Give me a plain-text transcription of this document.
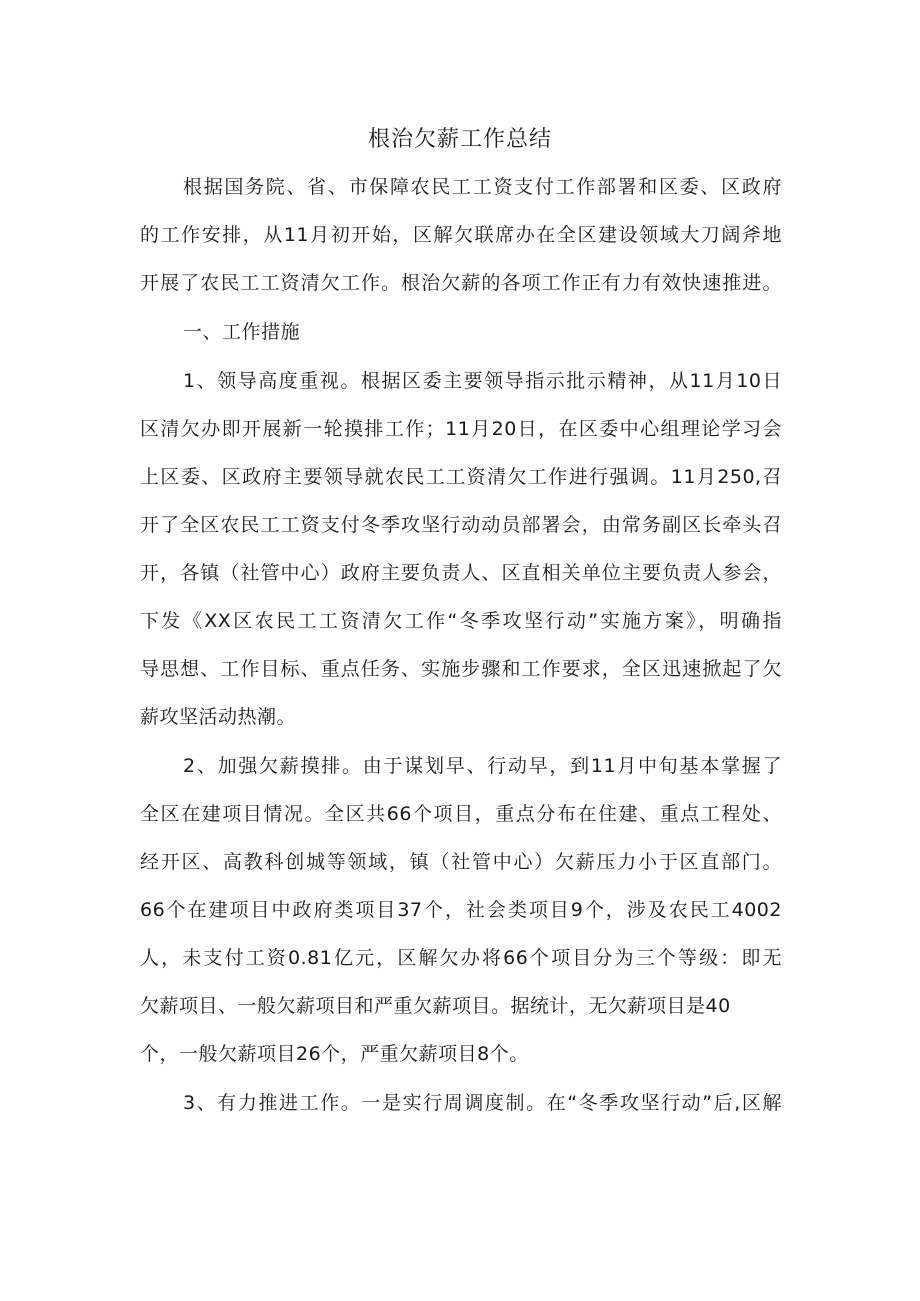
根治欠薪工作总结
根据国务院、省、市保障农民工工资支付工作部署和区委、区政府
的工作安排，从11月初开始，区解欠联席办在全区建设领域大刀阔斧地
开展了农民工工资清欠工作。根治欠薪的各项工作正有力有效快速推进。
一、工作措施
1、领导高度重视。根据区委主要领导指示批示精神，从11月10日
区清欠办即开展新一轮摸排工作；11月20日，在区委中心组理论学习会
上区委、区政府主要领导就农民工工资清欠工作进行强调。11月250,召
开了全区农民工工资支付冬季攻坚行动动员部署会，由常务副区长牵头召
开，各镇（社管中心）政府主要负责人、区直相关单位主要负责人参会，
下发《XX区农民工工资清欠工作“冬季攻坚行动”实施方案》，明确指
导思想、工作目标、重点任务、实施步骤和工作要求，全区迅速掀起了欠
薪攻坚活动热潮。
2、加强欠薪摸排。由于谋划早、行动早，到11月中旬基本掌握了
全区在建项目情况。全区共66个项目，重点分布在住建、重点工程处、
经开区、高教科创城等领域，镇（社管中心）欠薪压力小于区直部门。
66个在建项目中政府类项目37个，社会类项目9个，涉及农民工4002
人，未支付工资0.81亿元，区解欠办将66个项目分为三个等级：即无
欠薪项目、一般欠薪项目和严重欠薪项目。据统计，无欠薪项目是40
个，一般欠薪项目26个，严重欠薪项目8个。
3、有力推进工作。一是实行周调度制。在“冬季攻坚行动”后,区解
